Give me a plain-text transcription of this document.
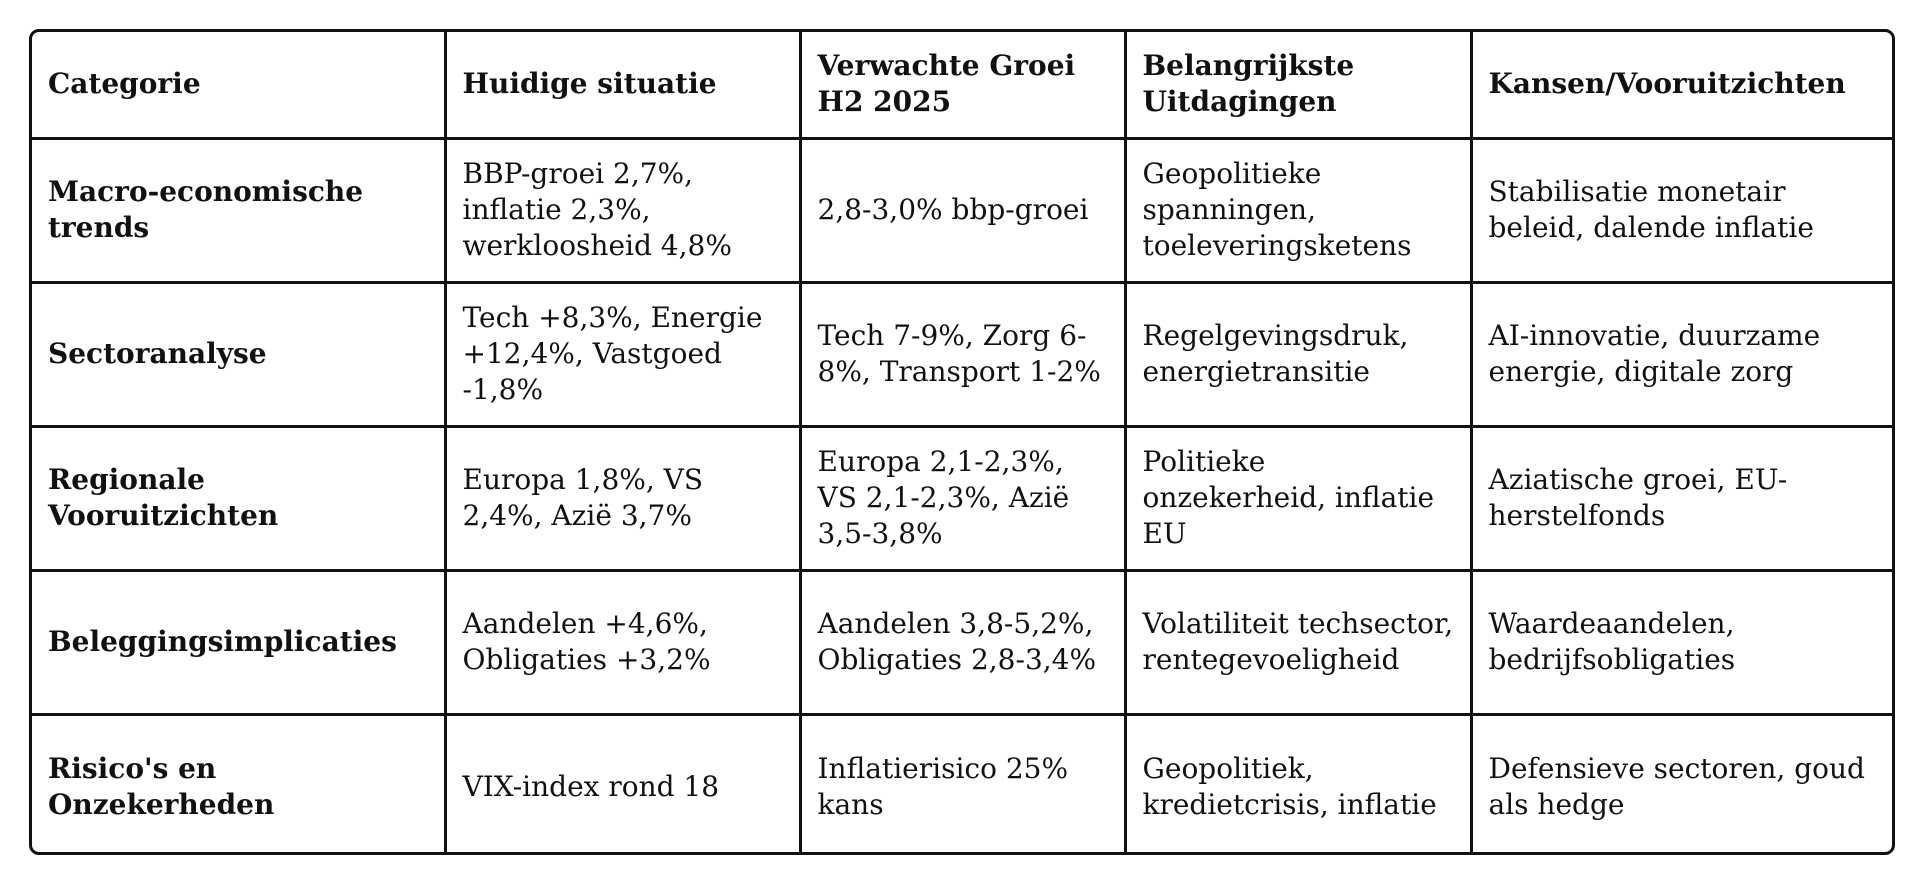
Categorie	Huidige situatie	Verwachte Groei H2 2025	Belangrijkste Uitdagingen	Kansen/Vooruitzichten
Macro-economische trends	BBP-groei 2,7%, inflatie 2,3%, werkloosheid 4,8%	2,8-3,0% bbp-groei	Geopolitieke spanningen, toeleveringsketens	Stabilisatie monetair beleid, dalende inflatie
Sectoranalyse	Tech +8,3%, Energie +12,4%, Vastgoed -1,8%	Tech 7-9%, Zorg 6-8%, Transport 1-2%	Regelgevingsdruk, energietransitie	AI-innovatie, duurzame energie, digitale zorg
Regionale Vooruitzichten	Europa 1,8%, VS 2,4%, Azië 3,7%	Europa 2,1-2,3%, VS 2,1-2,3%, Azië 3,5-3,8%	Politieke onzekerheid, inflatie EU	Aziatische groei, EU-herstelfonds
Beleggingsimplicaties	Aandelen +4,6%, Obligaties +3,2%	Aandelen 3,8-5,2%, Obligaties 2,8-3,4%	Volatiliteit techsector, rentegevoeligheid	Waardeaandelen, bedrijfsobligaties
Risico's en Onzekerheden	VIX-index rond 18	Inflatierisico 25% kans	Geopolitiek, kredietcrisis, inflatie	Defensieve sectoren, goud als hedge
